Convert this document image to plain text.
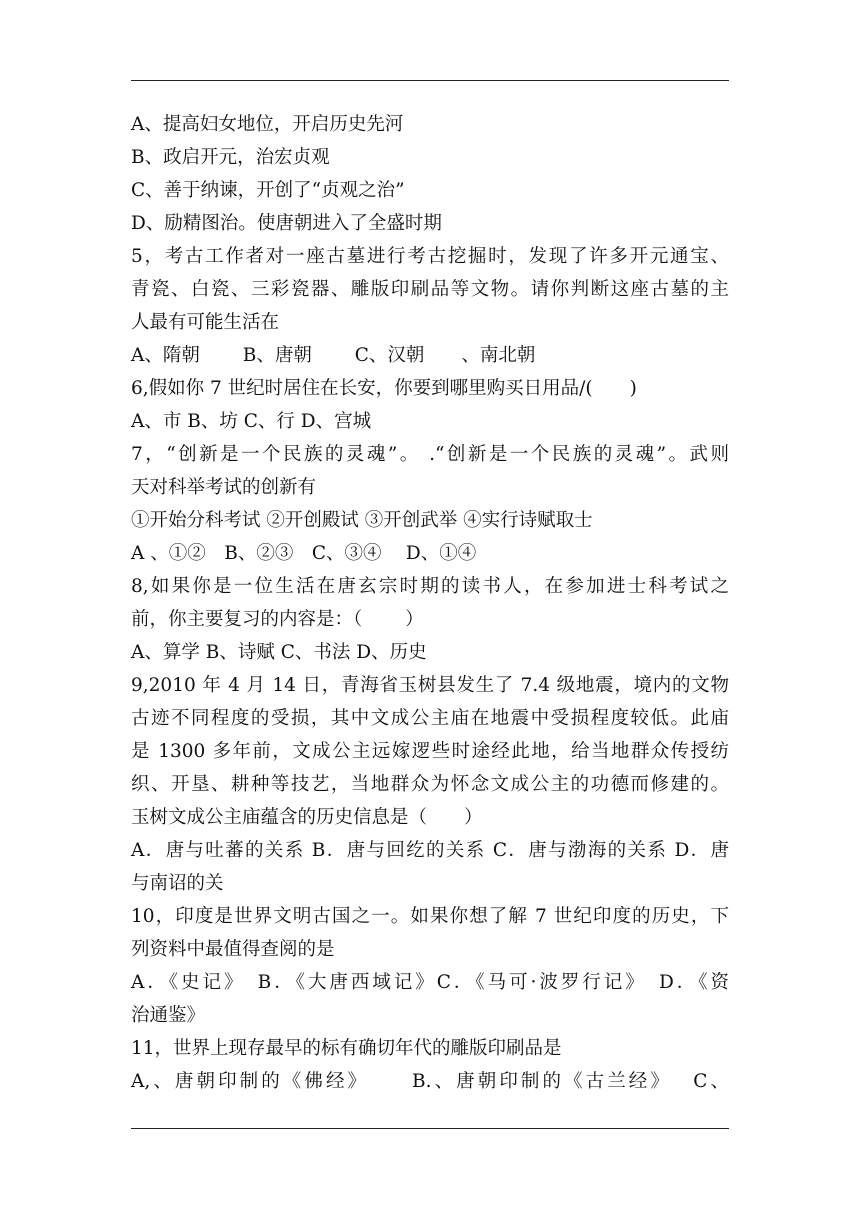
A、提高妇女地位，开启历史先河
B、政启开元，治宏贞观
C、善于纳谏，开创了“贞观之治”
D、励精图治。使唐朝进入了全盛时期
5，考古工作者对一座古墓进行考古挖掘时，发现了许多开元通宝、
青瓷、白瓷、三彩瓷器、雕版印刷品等文物。请你判断这座古墓的主
人最有可能生活在
A、隋朝　　 B、唐朝　　 C、汉朝　　、南北朝
6,假如你 7 世纪时居住在长安，你要到哪里购买日用品/(　　)
A、市 B、坊 C、行 D、宫城
7，“创新是一个民族的灵魂”。 .“创新是一个民族的灵魂”。武则
天对科举考试的创新有
①开始分科考试 ②开创殿试 ③开创武举 ④实行诗赋取士
A 、①②　B、②③　C、③④　 D、①④
8,如果你是一位生活在唐玄宗时期的读书人，在参加进士科考试之
前，你主要复习的内容是：（　　 ）
A、算学 B、诗赋 C、书法 D、历史
9,2010 年 4 月 14 日，青海省玉树县发生了 7.4 级地震，境内的文物
古迹不同程度的受损，其中文成公主庙在地震中受损程度较低。此庙
是 1300 多年前，文成公主远嫁逻些时途经此地，给当地群众传授纺
织、开垦、耕种等技艺，当地群众为怀念文成公主的功德而修建的。
玉树文成公主庙蕴含的历史信息是（　　）
A．唐与吐蕃的关系 B．唐与回纥的关系 C．唐与渤海的关系 D．唐
与南诏的关
10，印度是世界文明古国之一。如果你想了解 7 世纪印度的历史，下
列资料中最值得查阅的是
A．《史记》　B．《大唐西域记》C．《马可·波罗行记》　D．《资
治通鉴》
11，世界上现存最早的标有确切年代的雕版印刷品是
A,、唐朝印制的《佛经》　　 B.、唐朝印制的《古兰经》　 C、
